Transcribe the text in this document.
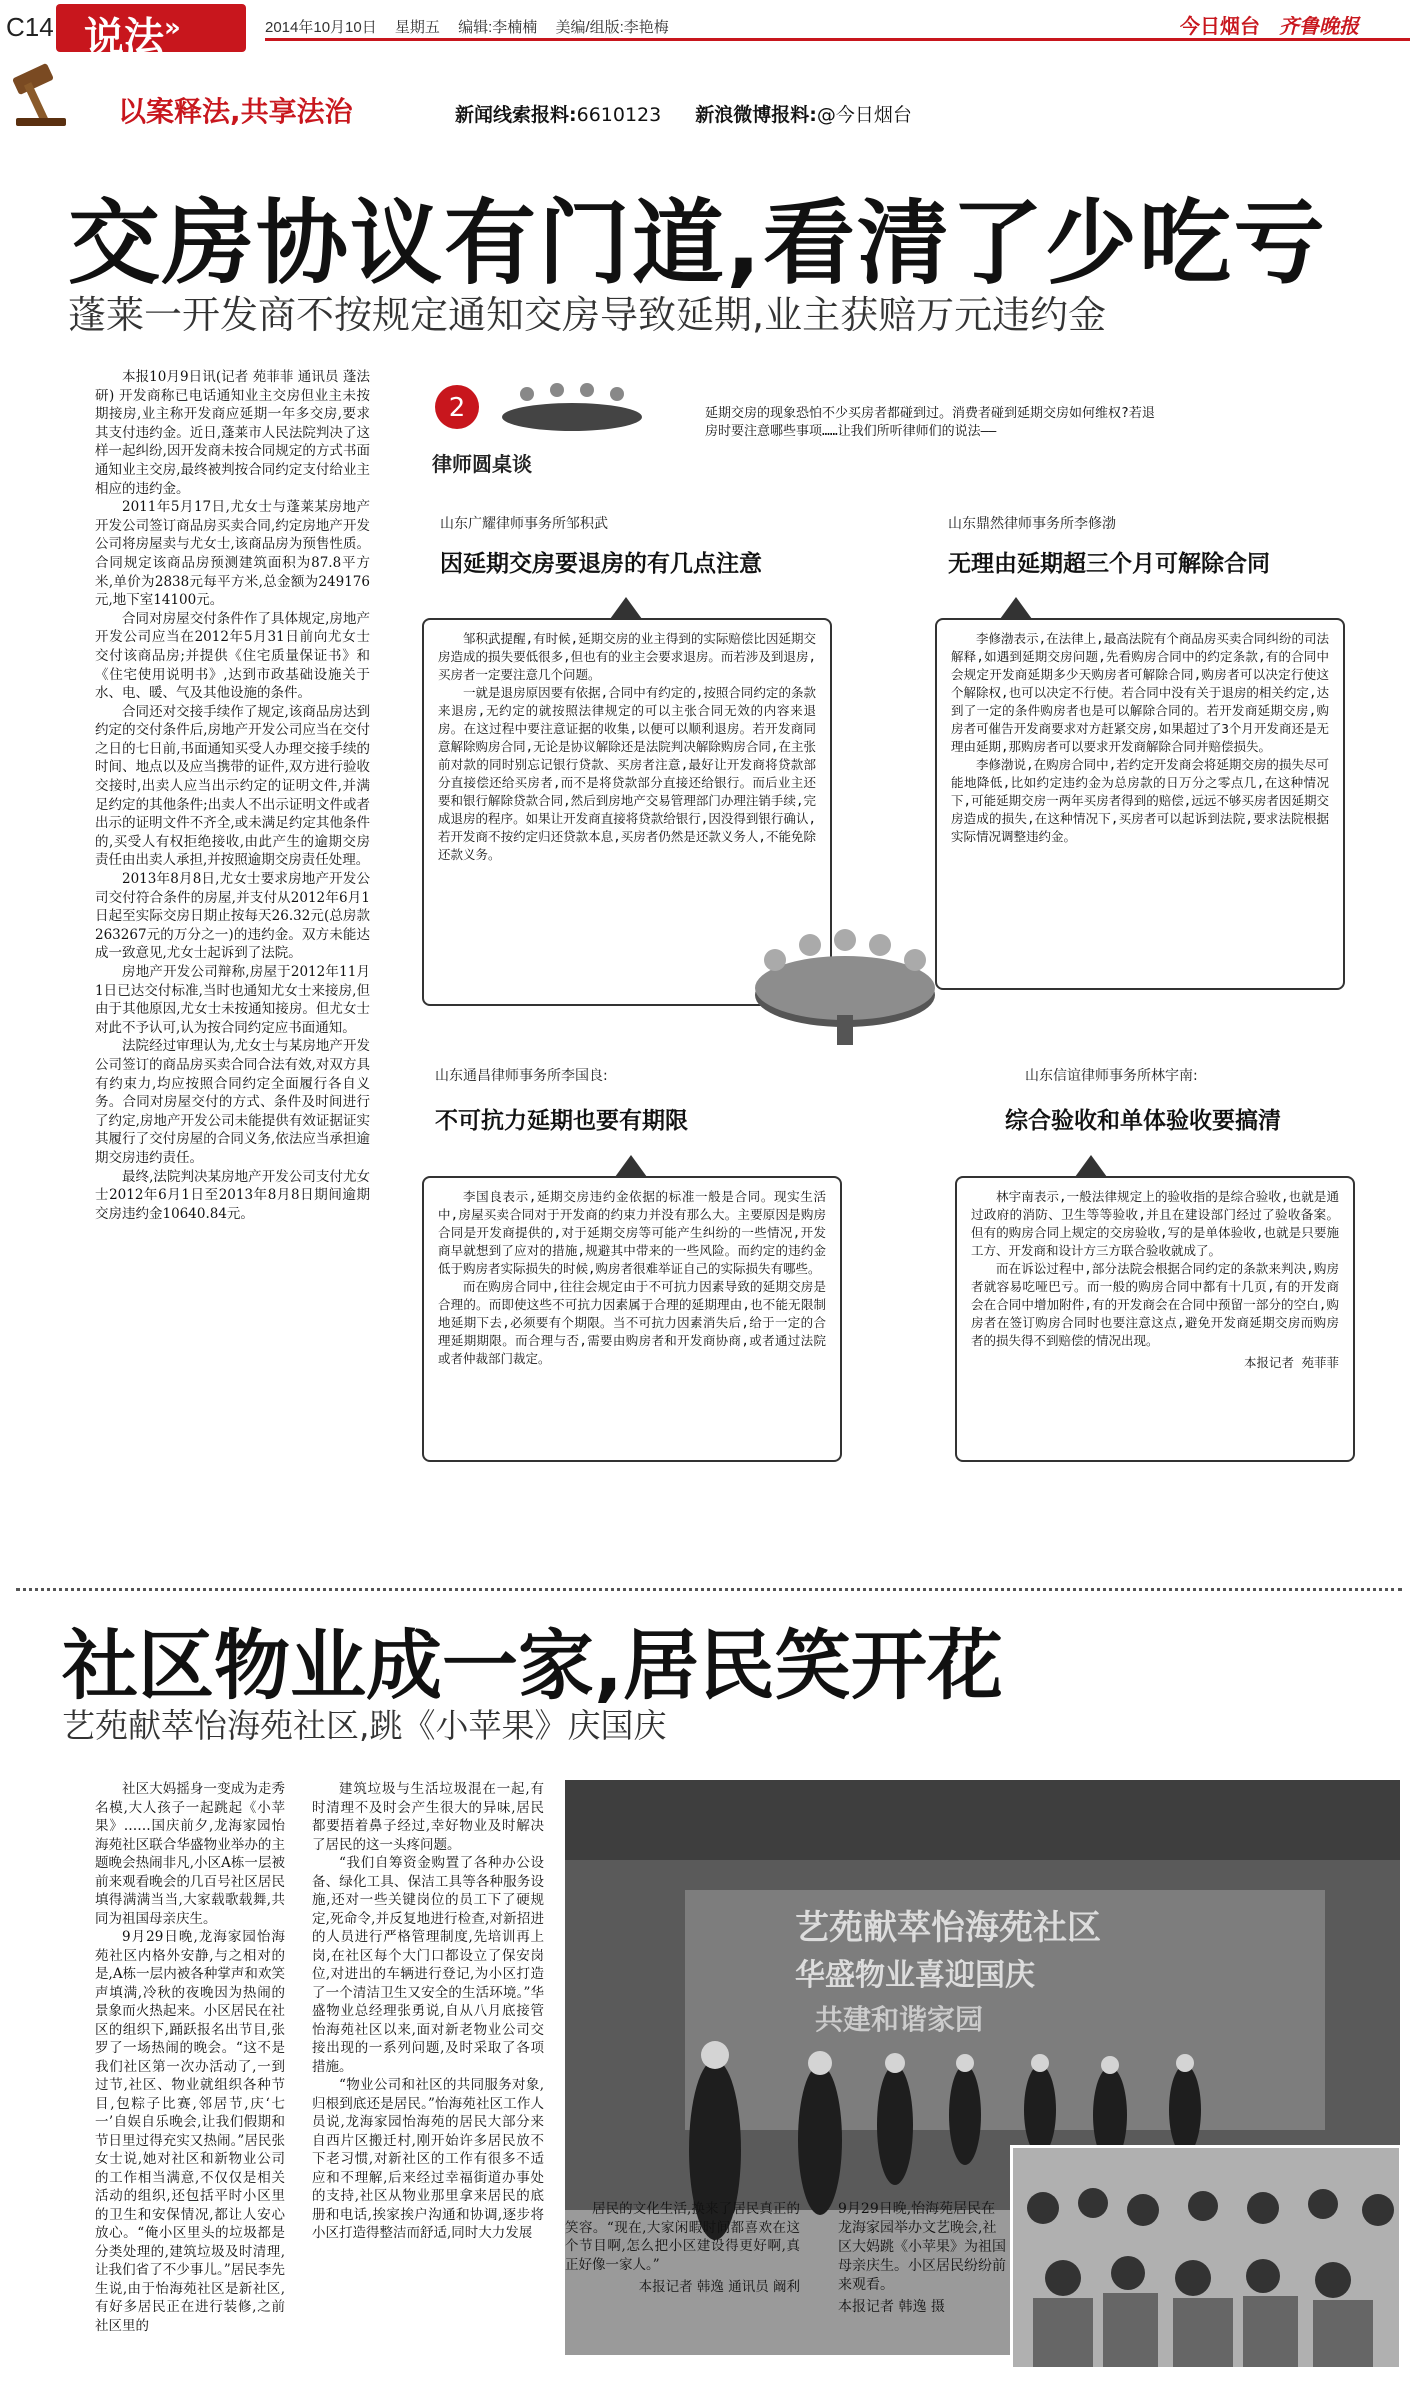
C14 说法»	2014年10月10日 星期五 编辑:李楠楠 美编/组版:李艳梅	今日烟台 齐鲁晚报
以案释法,共享法治	新闻线索报料:6610123 新浪微博报料:@今日烟台
交房协议有门道,看清了少吃亏
蓬莱一开发商不按规定通知交房导致延期,业主获赔万元违约金

本报10月9日讯(记者 苑菲菲 通讯员 蓬法研) 开发商称已电话通知业主交房但业主未按期接房,业主称开发商应延期一年多交房,要求其支付违约金。近日,蓬莱市人民法院判决了这样一起纠纷,因开发商未按合同规定的方式书面通知业主交房,最终被判按合同约定支付给业主相应的违约金。

2011年5月17日,尤女士与蓬莱某房地产开发公司签订商品房买卖合同,约定房地产开发公司将房屋卖与尤女士,该商品房为预售性质。合同规定该商品房预测建筑面积为87.8平方米,单价为2838元每平方米,总金额为249176元,地下室14100元。

合同对房屋交付条件作了具体规定,房地产开发公司应当在2012年5月31日前向尤女士交付该商品房;并提供《住宅质量保证书》和《住宅使用说明书》,达到市政基础设施关于水、电、暖、气及其他设施的条件。

合同还对交接手续作了规定,该商品房达到约定的交付条件后,房地产开发公司应当在交付之日的七日前,书面通知买受人办理交接手续的时间、地点以及应当携带的证件,双方进行验收交接时,出卖人应当出示约定的证明文件,并满足约定的其他条件;出卖人不出示证明文件或者出示的证明文件不齐全,或未满足约定其他条件的,买受人有权拒绝接收,由此产生的逾期交房责任由出卖人承担,并按照逾期交房责任处理。

2013年8月8日,尤女士要求房地产开发公司交付符合条件的房屋,并支付从2012年6月1日起至实际交房日期止按每天26.32元(总房款263267元的万分之一)的违约金。双方未能达成一致意见,尤女士起诉到了法院。

房地产开发公司辩称,房屋于2012年11月1日已达交付标准,当时也通知尤女士来接房,但由于其他原因,尤女士未按通知接房。但尤女士对此不予认可,认为按合同约定应书面通知。

法院经过审理认为,尤女士与某房地产开发公司签订的商品房买卖合同合法有效,对双方具有约束力,均应按照合同约定全面履行各自义务。合同对房屋交付的方式、条件及时间进行了约定,房地产开发公司未能提供有效证据证实其履行了交付房屋的合同义务,依法应当承担逾期交房违约责任。

最终,法院判决某房地产开发公司支付尤女士2012年6月1日至2013年8月8日期间逾期交房违约金10640.84元。

2
律师圆桌谈
延期交房的现象恐怕不少买房者都碰到过。消费者碰到延期交房如何维权?若退房时要注意哪些事项……让我们所听律师们的说法——
山东广耀律师事务所邹积武
因延期交房要退房的有几点注意

邹积武提醒,有时候,延期交房的业主得到的实际赔偿比因延期交房造成的损失要低很多,但也有的业主会要求退房。而若涉及到退房,买房者一定要注意几个问题。

一就是退房原因要有依据,合同中有约定的,按照合同约定的条款来退房,无约定的就按照法律规定的可以主张合同无效的内容来退房。在这过程中要注意证据的收集,以便可以顺利退房。若开发商同意解除购房合同,无论是协议解除还是法院判决解除购房合同,在主张前对款的同时别忘记银行贷款、买房者注意,最好让开发商将贷款部分直接偿还给买房者,而不是将贷款部分直接还给银行。而后业主还要和银行解除贷款合同,然后到房地产交易管理部门办理注销手续,完成退房的程序。如果让开发商直接将贷款给银行,因没得到银行确认,若开发商不按约定归还贷款本息,买房者仍然是还款义务人,不能免除还款义务。

山东鼎然律师事务所李修渤
无理由延期超三个月可解除合同

李修渤表示,在法律上,最高法院有个商品房买卖合同纠纷的司法解释,如遇到延期交房问题,先看购房合同中的约定条款,有的合同中会规定开发商延期多少天购房者可解除合同,购房者可以决定行使这个解除权,也可以决定不行使。若合同中没有关于退房的相关约定,达到了一定的条件购房者也是可以解除合同的。若开发商延期交房,购房者可催告开发商要求对方赶紧交房,如果超过了3个月开发商还是无理由延期,那购房者可以要求开发商解除合同并赔偿损失。

李修渤说,在购房合同中,若约定开发商会将延期交房的损失尽可能地降低,比如约定违约金为总房款的日万分之零点几,在这种情况下,可能延期交房一两年买房者得到的赔偿,远远不够买房者因延期交房造成的损失,在这种情况下,买房者可以起诉到法院,要求法院根据实际情况调整违约金。

山东通昌律师事务所李国良:
不可抗力延期也要有期限

李国良表示,延期交房违约金依据的标准一般是合同。现实生活中,房屋买卖合同对于开发商的约束力并没有那么大。主要原因是购房合同是开发商提供的,对于延期交房等可能产生纠纷的一些情况,开发商早就想到了应对的措施,规避其中带来的一些风险。而约定的违约金低于购房者实际损失的时候,购房者很难举证自己的实际损失有哪些。

而在购房合同中,往往会规定由于不可抗力因素导致的延期交房是合理的。而即使这些不可抗力因素属于合理的延期理由,也不能无限制地延期下去,必须要有个期限。当不可抗力因素消失后,给于一定的合理延期期限。而合理与否,需要由购房者和开发商协商,或者通过法院或者仲裁部门裁定。

山东信谊律师事务所林宇南:
综合验收和单体验收要搞清

林宇南表示,一般法律规定上的验收指的是综合验收,也就是通过政府的消防、卫生等等验收,并且在建设部门经过了验收备案。但有的购房合同上规定的交房验收,写的是单体验收,也就是只要施工方、开发商和设计方三方联合验收就成了。

而在诉讼过程中,部分法院会根据合同约定的条款来判决,购房者就容易吃哑巴亏。而一般的购房合同中都有十几页,有的开发商会在合同中增加附件,有的开发商会在合同中预留一部分的空白,购房者在签订购房合同时也要注意这点,避免开发商延期交房而购房者的损失得不到赔偿的情况出现。

本报记者 苑菲菲
社区物业成一家,居民笑开花
艺苑献萃怡海苑社区,跳《小苹果》庆国庆

社区大妈摇身一变成为走秀名模,大人孩子一起跳起《小苹果》……国庆前夕,龙海家园怡海苑社区联合华盛物业举办的主题晚会热闹非凡,小区A栋一层被前来观看晚会的几百号社区居民填得满满当当,大家载歌载舞,共同为祖国母亲庆生。

9月29日晚,龙海家园怡海苑社区内格外安静,与之相对的是,A栋一层内被各种掌声和欢笑声填满,冷秋的夜晚因为热闹的景象而火热起来。小区居民在社区的组织下,踊跃报名出节目,张罗了一场热闹的晚会。“这不是我们社区第一次办活动了,一到过节,社区、物业就组织各种节目,包粽子比赛,邻居节,庆‘七一’自娱自乐晚会,让我们假期和节日里过得充实又热闹。”居民张女士说,她对社区和新物业公司的工作相当满意,不仅仅是相关活动的组织,还包括平时小区里的卫生和安保情况,都让人安心放心。“俺小区里头的垃圾都是分类处理的,建筑垃圾及时清理,让我们省了不少事儿。”居民李先生说,由于怡海苑社区是新社区,有好多居民正在进行装修,之前社区里的

建筑垃圾与生活垃圾混在一起,有时清理不及时会产生很大的异味,居民都要捂着鼻子经过,幸好物业及时解决了居民的这一头疼问题。

“我们自筹资金购置了各种办公设备、绿化工具、保洁工具等各种服务设施,还对一些关键岗位的员工下了硬规定,死命令,并反复地进行检查,对新招进的人员进行严格管理制度,先培训再上岗,在社区每个大门口都设立了保安岗位,对进出的车辆进行登记,为小区打造了一个清洁卫生又安全的生活环境。”华盛物业总经理张勇说,自从八月底接管怡海苑社区以来,面对新老物业公司交接出现的一系列问题,及时采取了各项措施。

“物业公司和社区的共同服务对象,归根到底还是居民。”怡海苑社区工作人员说,龙海家园怡海苑的居民大部分来自西片区搬迁村,刚开始许多居民放不下老习惯,对新社区的工作有很多不适应和不理解,后来经过幸福街道办事处的支持,社区从物业那里拿来居民的底册和电话,挨家挨户沟通和协调,逐步将小区打造得整洁而舒适,同时大力发展

艺苑献萃怡海苑社区
华盛物业喜迎国庆
共建和谐家园

居民的文化生活,换来了居民真正的笑容。“现在,大家闲暇时间都喜欢在这个节目啊,怎么把小区建设得更好啊,真正好像一家人。”

本报记者 韩逸 通讯员 阚利

9月29日晚,怡海苑居民在龙海家园举办文艺晚会,社区大妈跳《小苹果》为祖国母亲庆生。小区居民纷纷前来观看。

本报记者 韩逸 摄
